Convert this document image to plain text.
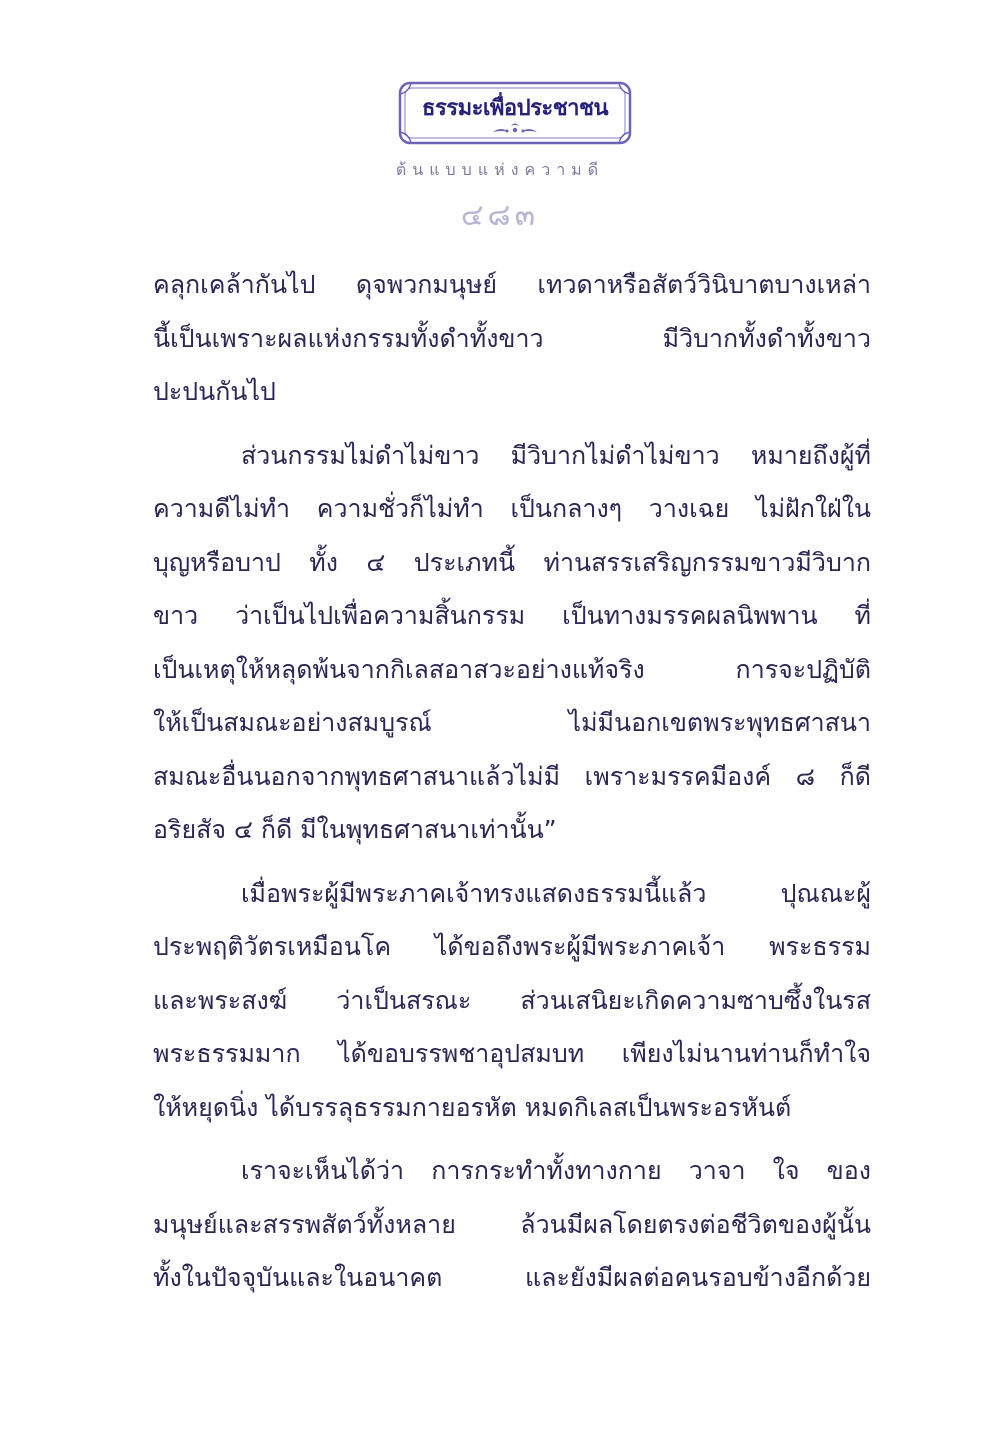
ธรรมะเพื่อประชาชน
ต้นแบบแห่งความดี
๔๘๓
คลุกเคล้ากันไป ดุจพวกมนุษย์ เทวดาหรือสัตว์วินิบาตบางเหล่า
นี้เป็นเพราะผลแห่งกรรมทั้งดำทั้งขาว มีวิบากทั้งดำทั้งขาว
ปะปนกันไป
ส่วนกรรมไม่ดำไม่ขาว มีวิบากไม่ดำไม่ขาว หมายถึงผู้ที่
ความดีไม่ทำ ความชั่วก็ไม่ทำ เป็นกลางๆ วางเฉย ไม่ฝักใฝ่ใน
บุญหรือบาป ทั้ง ๔ ประเภทนี้ ท่านสรรเสริญกรรมขาวมีวิบาก
ขาว ว่าเป็นไปเพื่อความสิ้นกรรม เป็นทางมรรคผลนิพพาน ที่
เป็นเหตุให้หลุดพ้นจากกิเลสอาสวะอย่างแท้จริง การจะปฏิบัติ
ให้เป็นสมณะอย่างสมบูรณ์ ไม่มีนอกเขตพระพุทธศาสนา
สมณะอื่นนอกจากพุทธศาสนาแล้วไม่มี เพราะมรรคมีองค์ ๘ ก็ดี
อริยสัจ ๔ ก็ดี มีในพุทธศาสนาเท่านั้น”
เมื่อพระผู้มีพระภาคเจ้าทรงแสดงธรรมนี้แล้ว ปุณณะผู้
ประพฤติวัตรเหมือนโค ได้ขอถึงพระผู้มีพระภาคเจ้า พระธรรม
และพระสงฆ์ ว่าเป็นสรณะ ส่วนเสนิยะเกิดความซาบซึ้งในรส
พระธรรมมาก ได้ขอบรรพชาอุปสมบท เพียงไม่นานท่านก็ทำใจ
ให้หยุดนิ่ง ได้บรรลุธรรมกายอรหัต หมดกิเลสเป็นพระอรหันต์
เราจะเห็นได้ว่า การกระทำทั้งทางกาย วาจา ใจ ของ
มนุษย์และสรรพสัตว์ทั้งหลาย ล้วนมีผลโดยตรงต่อชีวิตของผู้นั้น
ทั้งในปัจจุบันและในอนาคต และยังมีผลต่อคนรอบข้างอีกด้วย
